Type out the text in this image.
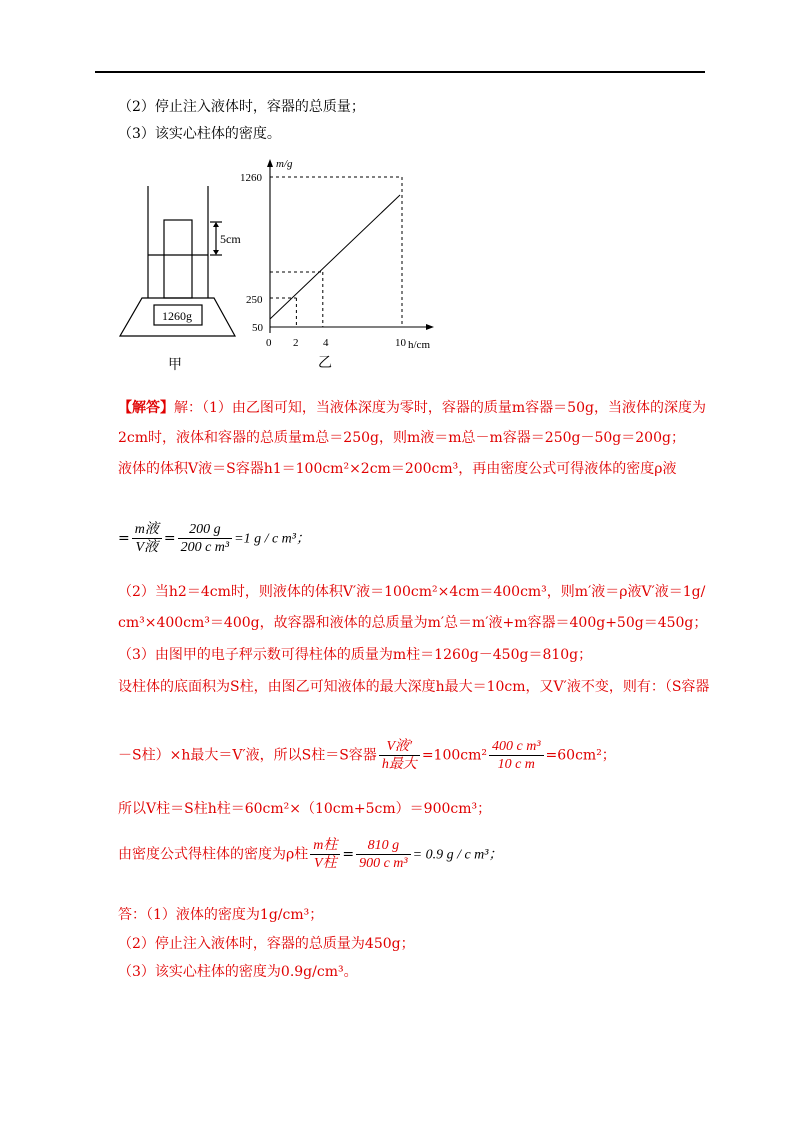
（2）停止注入液体时，容器的总质量；
（3）该实心柱体的密度。
5cm
1260g
甲
m/g
h/cm
0
1260
250
50
2 4	10
乙
【解答】解：（1）由乙图可知，当液体深度为零时，容器的质量m容器＝50g，当液体的深度为
2cm时，液体和容器的总质量m总＝250g，则m液＝m总－m容器＝250g－50g＝200g；
液体的体积V液＝S容器h1＝100cm²×2cm＝200cm³，再由密度公式可得液体的密度ρ液
= $\frac{\text{m液}}{\text{V液}} = \frac{200 g}{\text{200 c m³}} =1$ g / c m³；
（2）当h2＝4cm时，则液体的体积V′液＝100cm²×4cm＝400cm³，则m′液＝ρ液V′液＝1g/
cm³×400cm³＝400g，故容器和液体的总质量为m′总＝m′液+m容器＝400g+50g＝450g；
（3）由图甲的电子秤示数可得柱体的质量为m柱＝1260g－450g＝810g；
设柱体的底面积为S柱，由图乙可知液体的最大深度h最大＝10cm，又V′液不变，则有：（S容器
－S柱）×h最大＝V′液，所以S柱＝S容器 $\frac{\text{V液′}}{\text{h最大}} =100cm^2 \frac{\text{400 c m³}}{\text{10 c m}} =60cm^2$；
所以V柱＝S柱h柱＝60cm²×（10cm+5cm）＝900cm³；
由密度公式得柱体的密度为ρ柱 $\frac{\text{m柱}}{\text{V柱}} = \frac{810 g}{\text{900 c m³}} = 0.9$ g / c m³；
答：（1）液体的密度为1g/cm³；
（2）停止注入液体时，容器的总质量为450g；
（3）该实心柱体的密度为0.9g/cm³。
